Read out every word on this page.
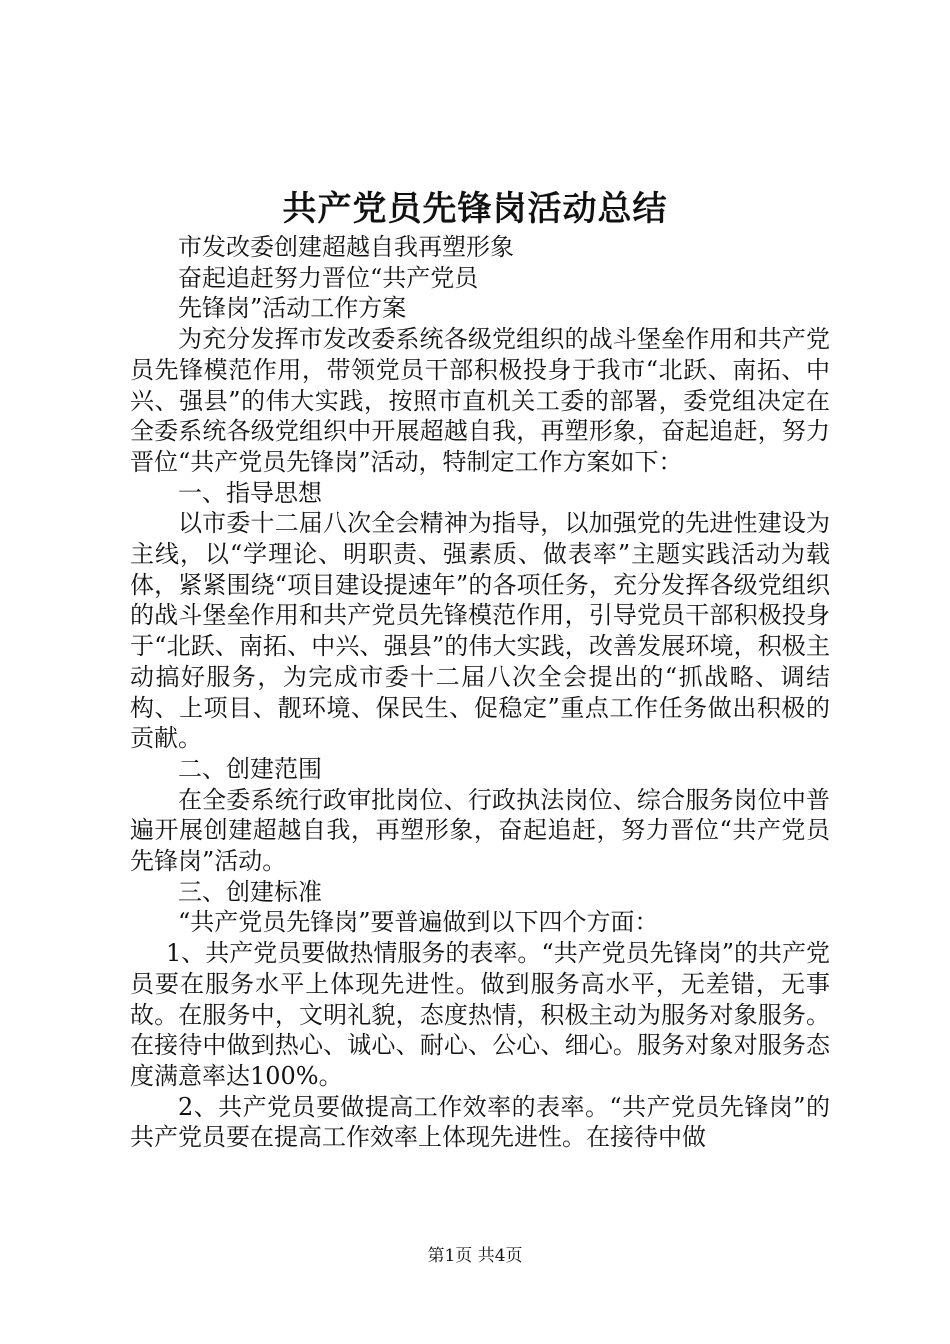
共产党员先锋岗活动总结

市发改委创建超越自我再塑形象

奋起追赶努力晋位“共产党员

先锋岗”活动工作方案

为充分发挥市发改委系统各级党组织的战斗堡垒作用和共产党员先锋模范作用，带领党员干部积极投身于我市“北跃、南拓、中兴、强县”的伟大实践，按照市直机关工委的部署，委党组决定在全委系统各级党组织中开展超越自我，再塑形象，奋起追赶，努力晋位“共产党员先锋岗”活动，特制定工作方案如下：

一、指导思想

以市委十二届八次全会精神为指导，以加强党的先进性建设为主线，以“学理论、明职责、强素质、做表率”主题实践活动为载体，紧紧围绕“项目建设提速年”的各项任务，充分发挥各级党组织的战斗堡垒作用和共产党员先锋模范作用，引导党员干部积极投身于“北跃、南拓、中兴、强县”的伟大实践，改善发展环境，积极主动搞好服务，为完成市委十二届八次全会提出的“抓战略、调结构、上项目、靓环境、保民生、促稳定”重点工作任务做出积极的贡献。

二、创建范围

在全委系统行政审批岗位、行政执法岗位、综合服务岗位中普遍开展创建超越自我，再塑形象，奋起追赶，努力晋位“共产党员先锋岗”活动。

三、创建标准

“共产党员先锋岗”要普遍做到以下四个方面：

1、共产党员要做热情服务的表率。“共产党员先锋岗”的共产党员要在服务水平上体现先进性。做到服务高水平，无差错，无事故。在服务中，文明礼貌，态度热情，积极主动为服务对象服务。在接待中做到热心、诚心、耐心、公心、细心。服务对象对服务态度满意率达100%。

2、共产党员要做提高工作效率的表率。“共产党员先锋岗”的共产党员要在提高工作效率上体现先进性。在接待中做

第1页 共4页
